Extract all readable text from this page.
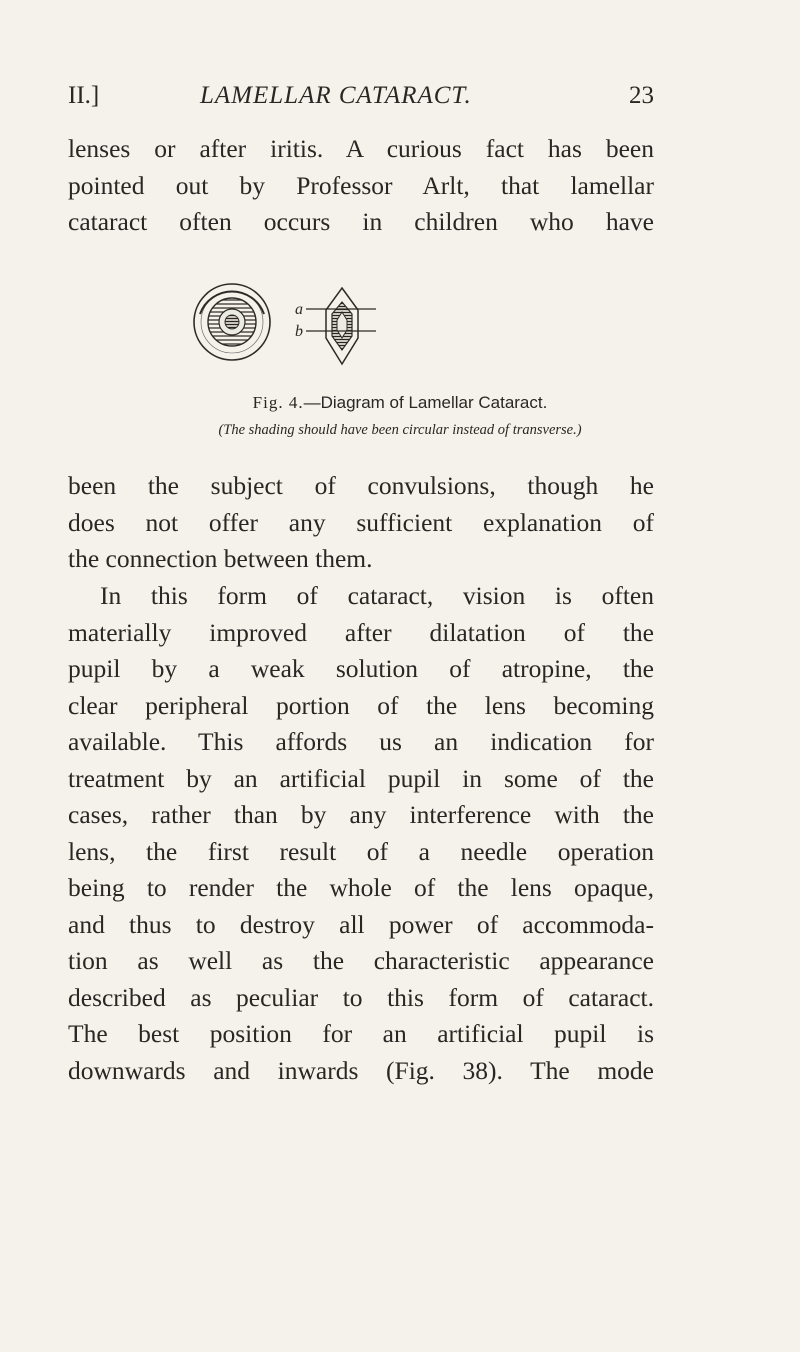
II.]	LAMELLAR CATARACT.	23
lenses or after iritis. A curious fact has been
pointed out by Professor Arlt, that lamellar
cataract often occurs in children who have
a
b
Fig. 4.—Diagram of Lamellar Cataract.
(The shading should have been circular instead of transverse.)
been the subject of convulsions, though he
does not offer any sufficient explanation of
the connection between them.
In this form of cataract, vision is often
materially improved after dilatation of the
pupil by a weak solution of atropine, the
clear peripheral portion of the lens becoming
available. This affords us an indication for
treatment by an artificial pupil in some of the
cases, rather than by any interference with the
lens, the first result of a needle operation
being to render the whole of the lens opaque,
and thus to destroy all power of accommoda-
tion as well as the characteristic appearance
described as peculiar to this form of cataract.
The best position for an artificial pupil is
downwards and inwards (Fig. 38). The mode
